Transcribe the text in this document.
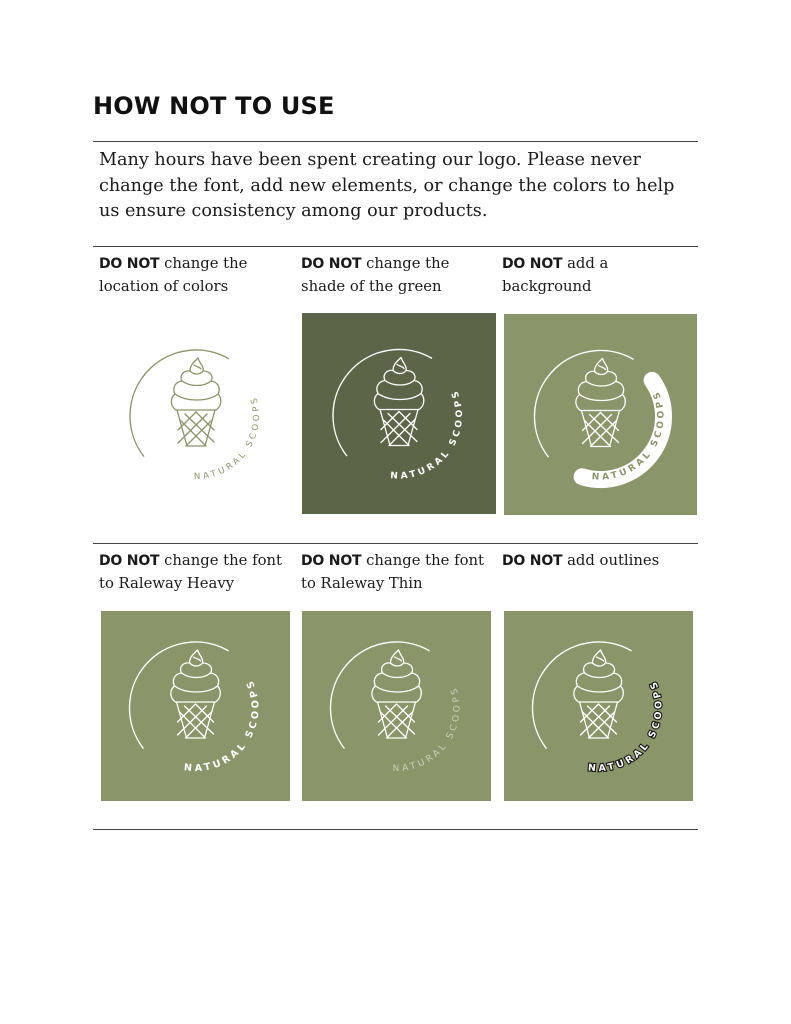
HOW NOT TO USE

Many hours have been spent creating our logo. Please never change the font, add new elements, or change the colors to help us ensure consistency among our products.

DO NOT change the location of colors

DO NOT change the shade of the green

DO NOT add a background

NATURAL SCOOPS
NATURAL SCOOPS
NATURAL SCOOPS

DO NOT change the font to Raleway Heavy

DO NOT change the font to Raleway Thin

DO NOT add outlines

NATURAL SCOOPS
NATURAL SCOOPS
NATURAL SCOOPS
